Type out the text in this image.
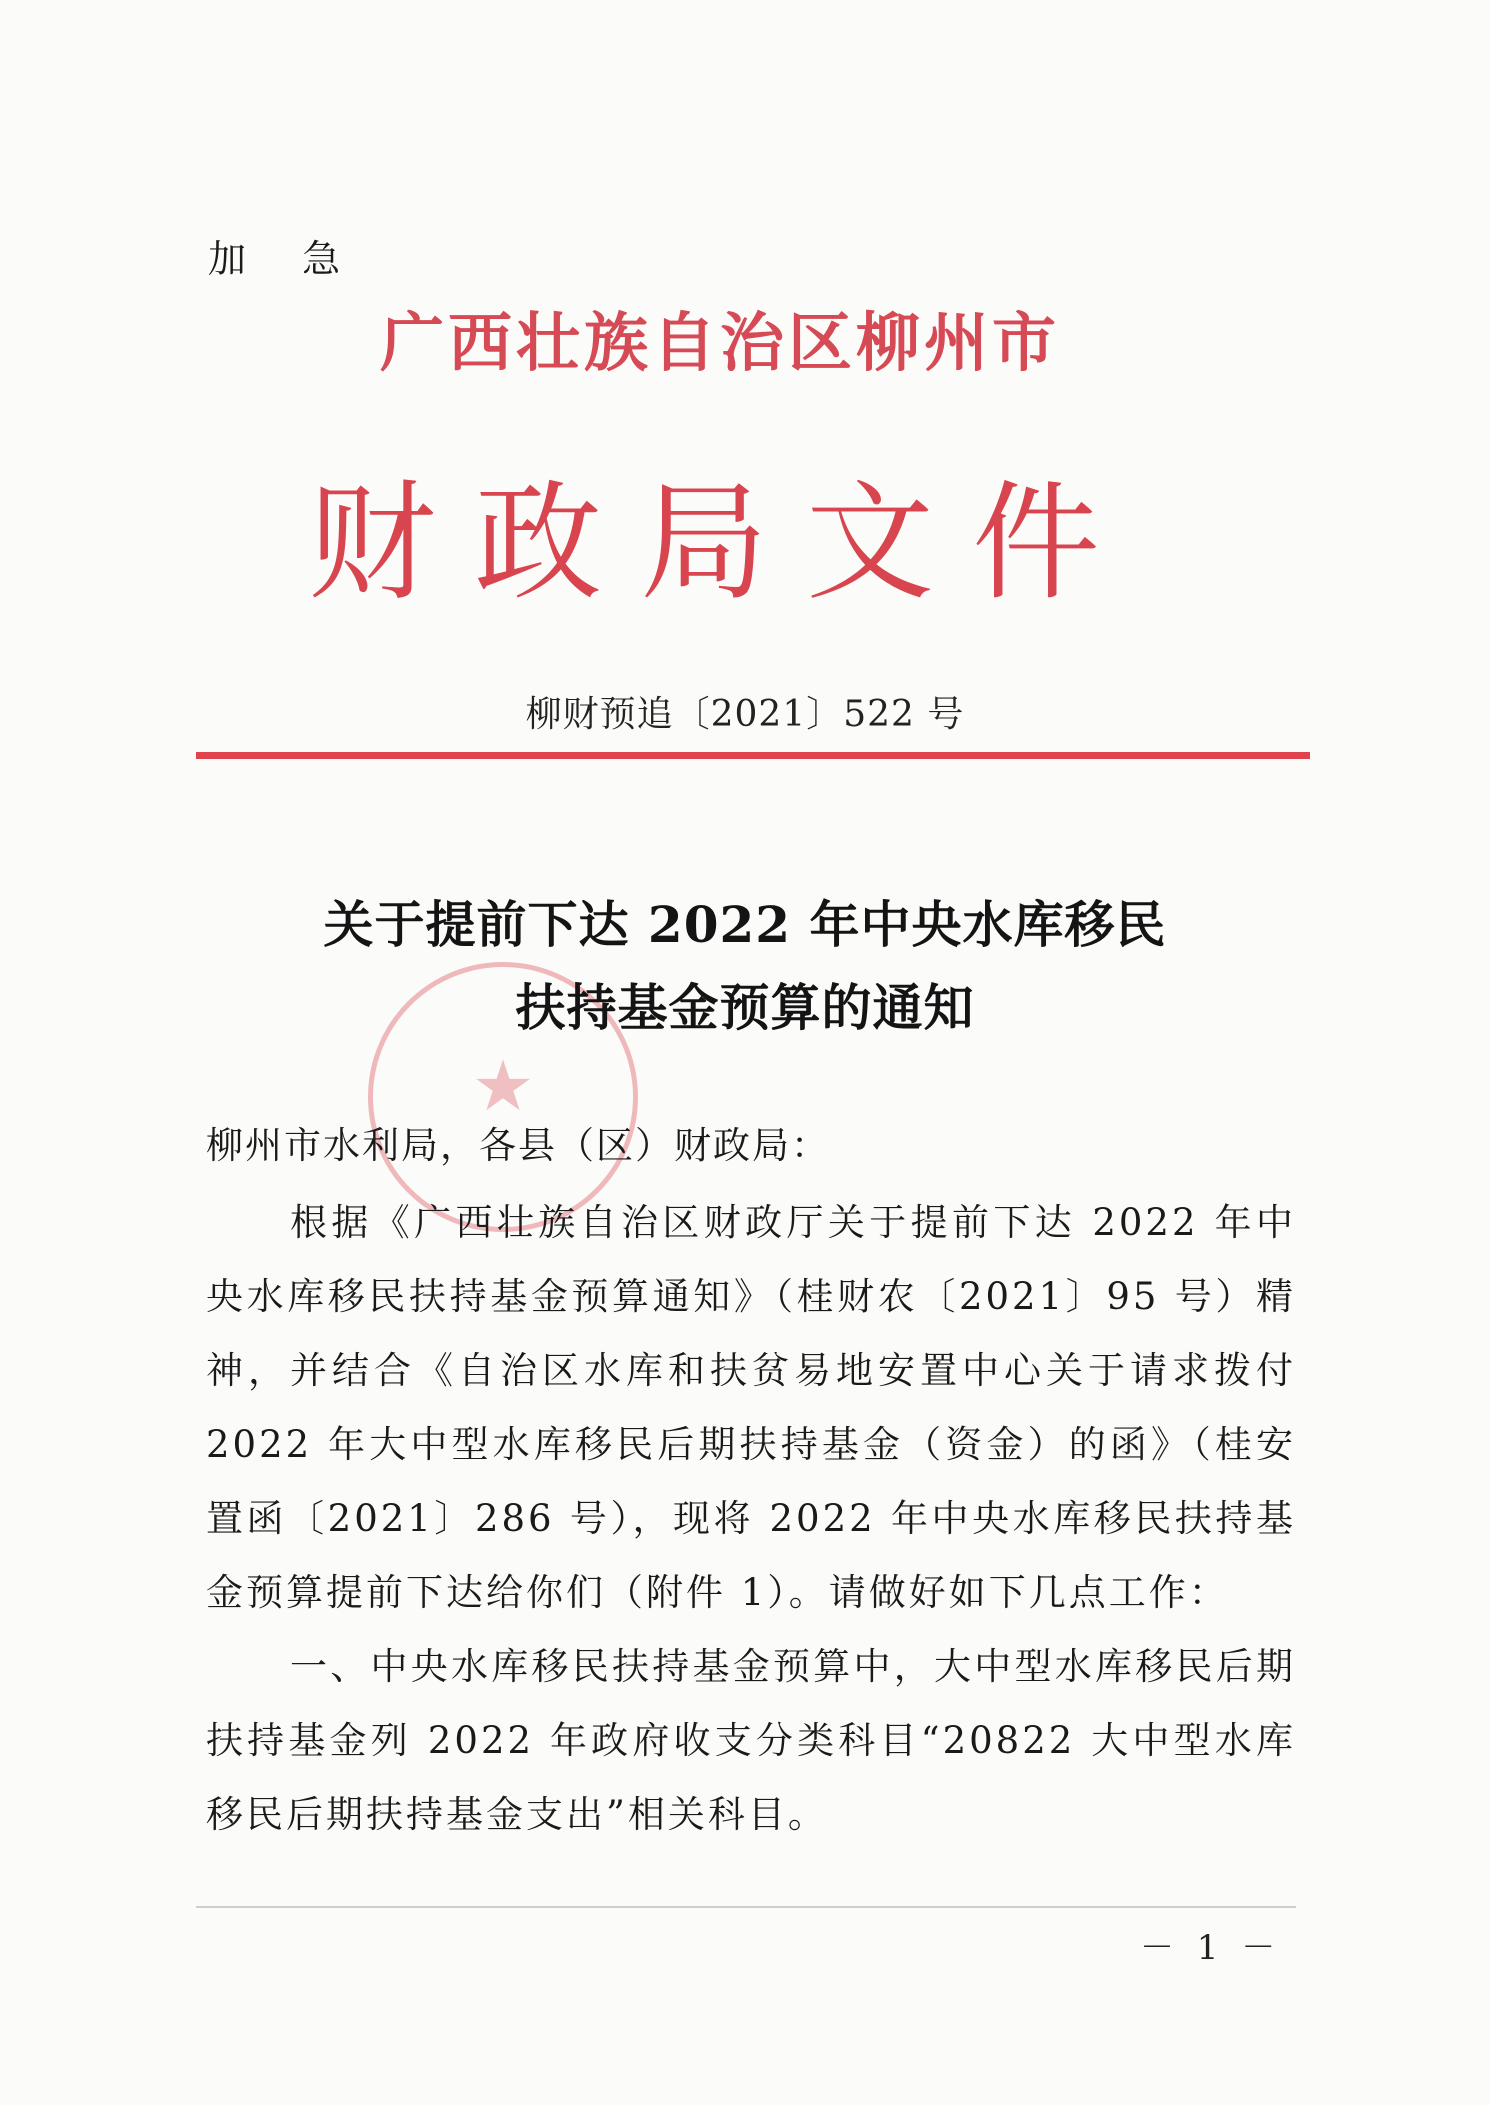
加 急
广西壮族自治区柳州市
财政局文件
柳财预追〔2021〕522 号
★
关于提前下达 2022 年中央水库移民
扶持基金预算的通知
柳州市水利局，各县（区）财政局：

根据《广西壮族自治区财政厅关于提前下达 2022 年中央水库移民扶持基金预算通知》（桂财农〔2021〕95 号）精神，并结合《自治区水库和扶贫易地安置中心关于请求拨付 2022 年大中型水库移民后期扶持基金（资金）的函》（桂安置函〔2021〕286 号），现将 2022 年中央水库移民扶持基金预算提前下达给你们（附件 1）。请做好如下几点工作：

一、中央水库移民扶持基金预算中，大中型水库移民后期扶持基金列 2022 年政府收支分类科目“20822 大中型水库移民后期扶持基金支出”相关科目。

－ 1 －
